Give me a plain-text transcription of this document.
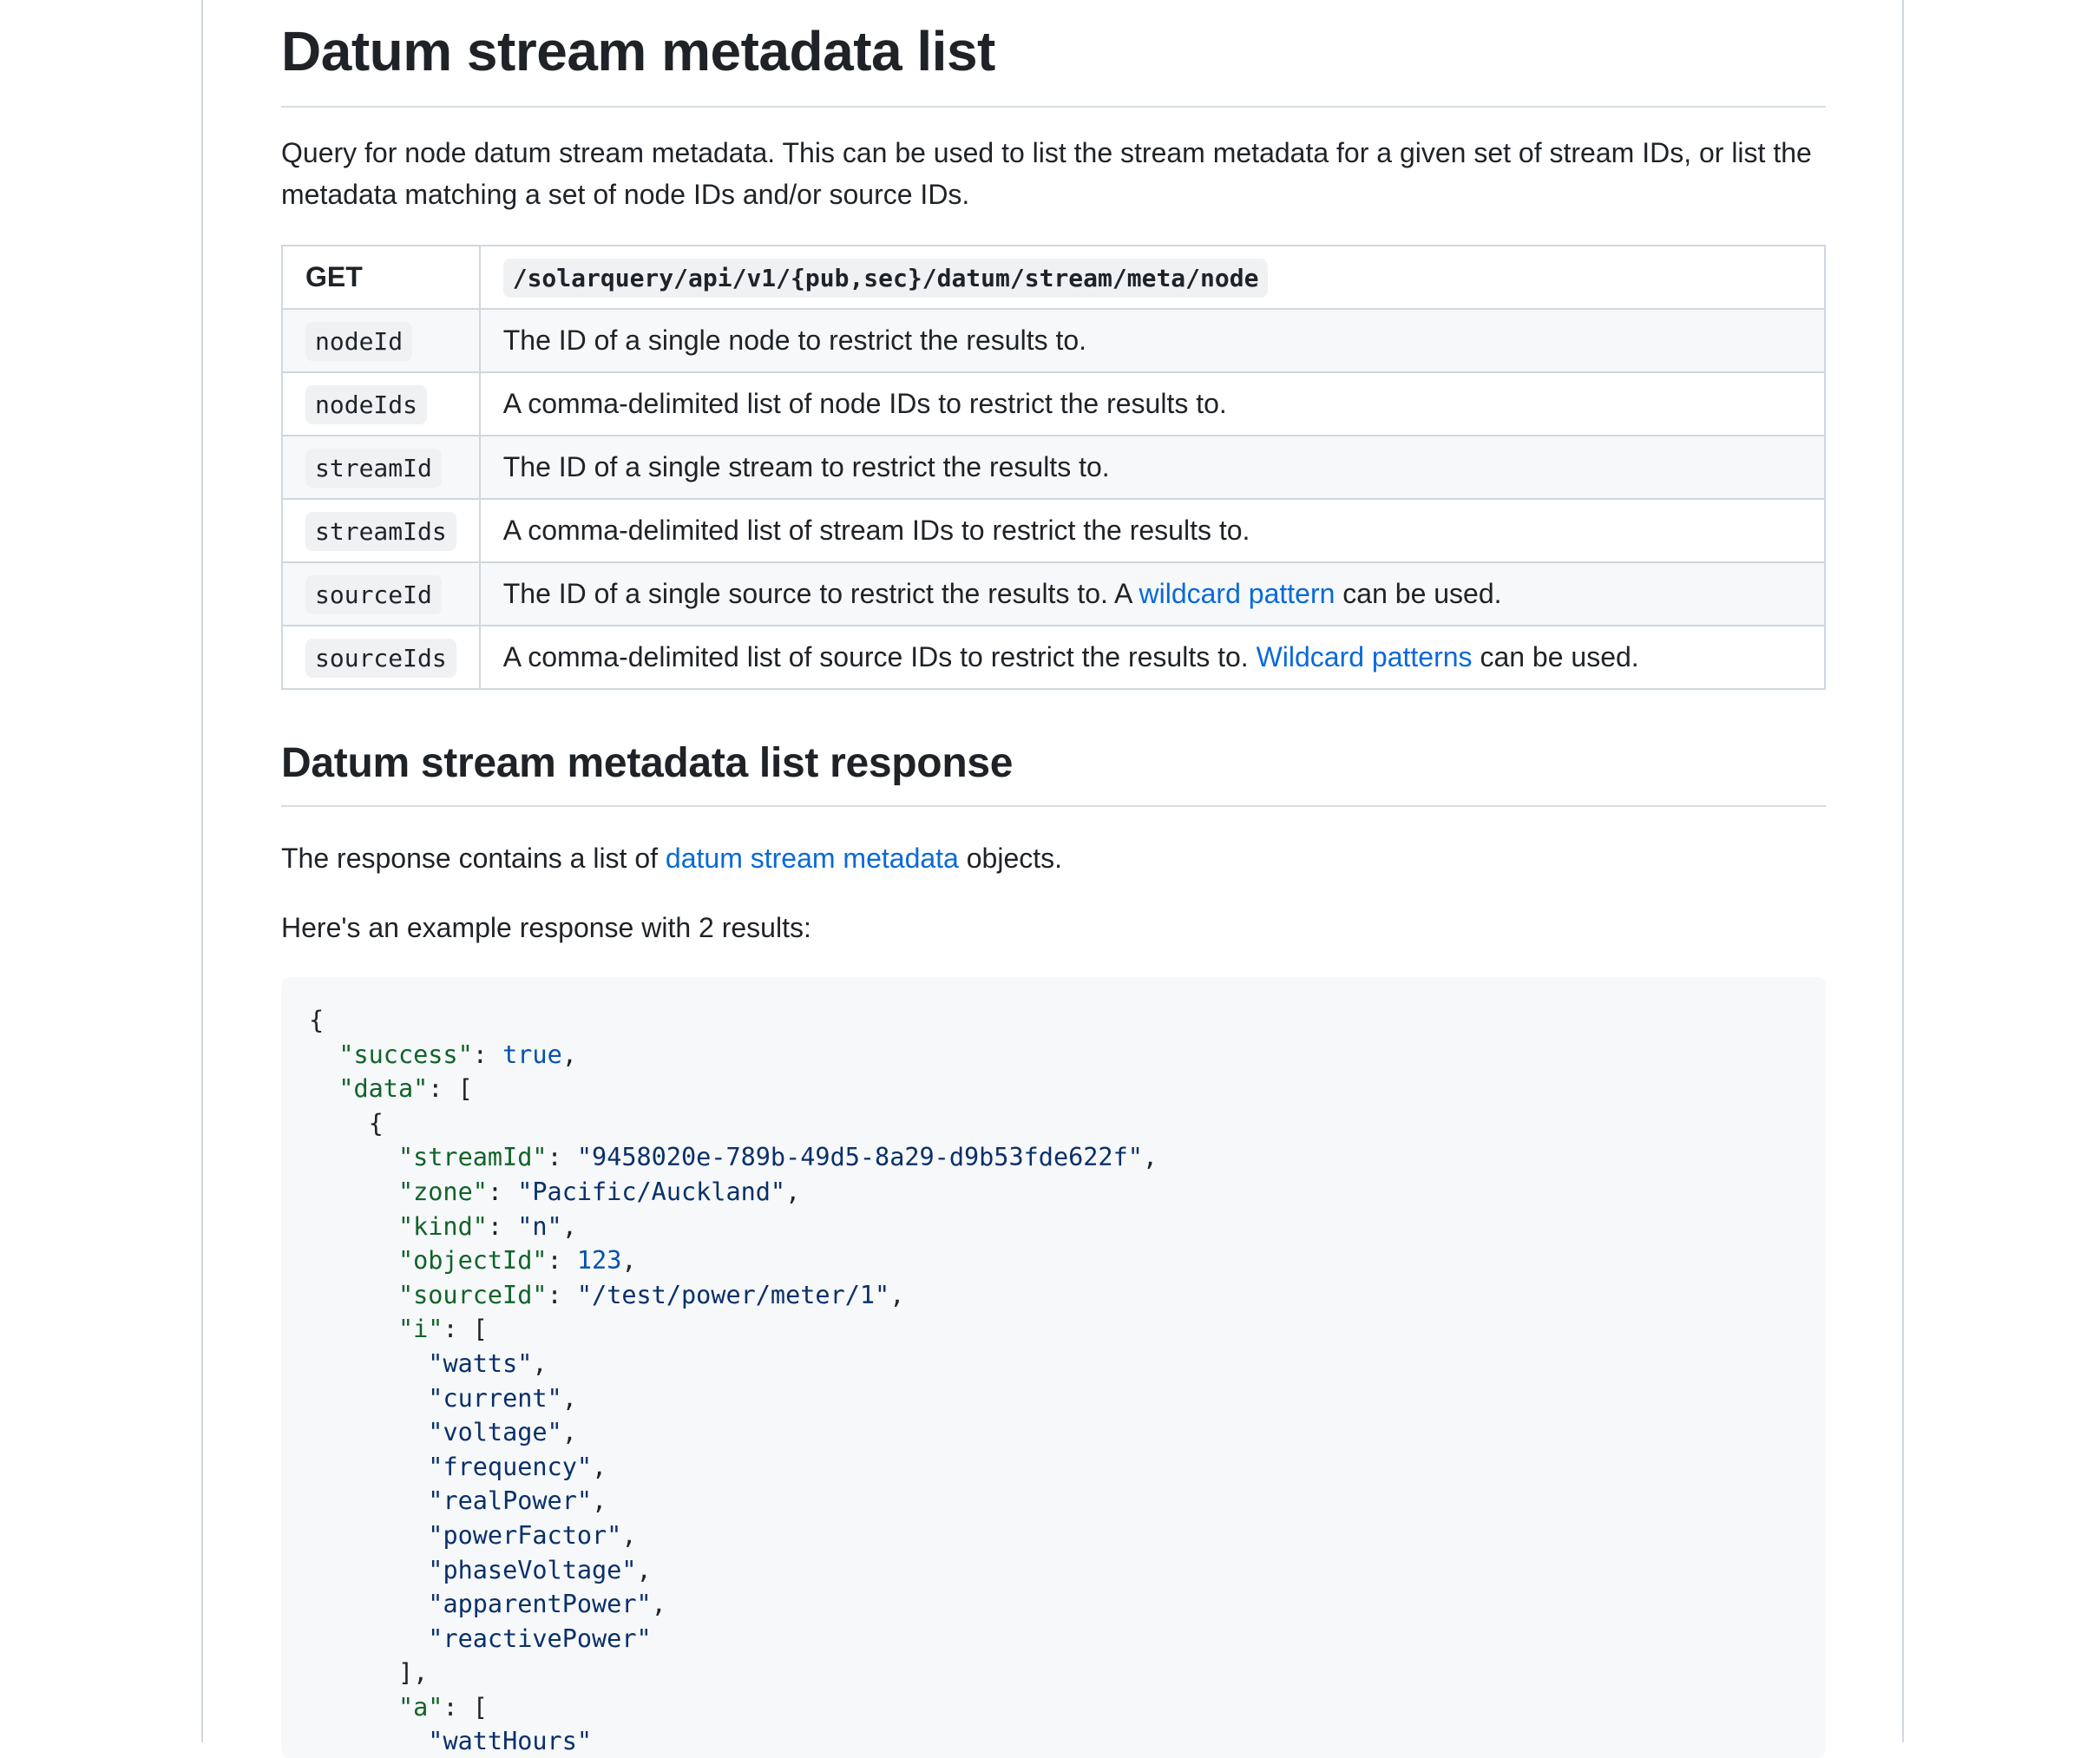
Datum stream metadata list

Query for node datum stream metadata. This can be used to list the stream metadata for a given set of stream IDs, or list the metadata matching a set of node IDs and/or source IDs.

GET	/solarquery/api/v1/{pub,sec}/datum/stream/meta/node
nodeId	The ID of a single node to restrict the results to.
nodeIds	A comma-delimited list of node IDs to restrict the results to.
streamId	The ID of a single stream to restrict the results to.
streamIds	A comma-delimited list of stream IDs to restrict the results to.
sourceId	The ID of a single source to restrict the results to. A wildcard pattern can be used.
sourceIds	A comma-delimited list of source IDs to restrict the results to. Wildcard patterns can be used.
Datum stream metadata list response

The response contains a list of datum stream metadata objects.

Here's an example response with 2 results:

{
"success": true,
"data": [
{
"streamId": "9458020e-789b-49d5-8a29-d9b53fde622f",
"zone": "Pacific/Auckland",
"kind": "n",
"objectId": 123,
"sourceId": "/test/power/meter/1",
"i": [
"watts",
"current",
"voltage",
"frequency",
"realPower",
"powerFactor",
"phaseVoltage",
"apparentPower",
"reactivePower"
],
"a": [
"wattHours"
